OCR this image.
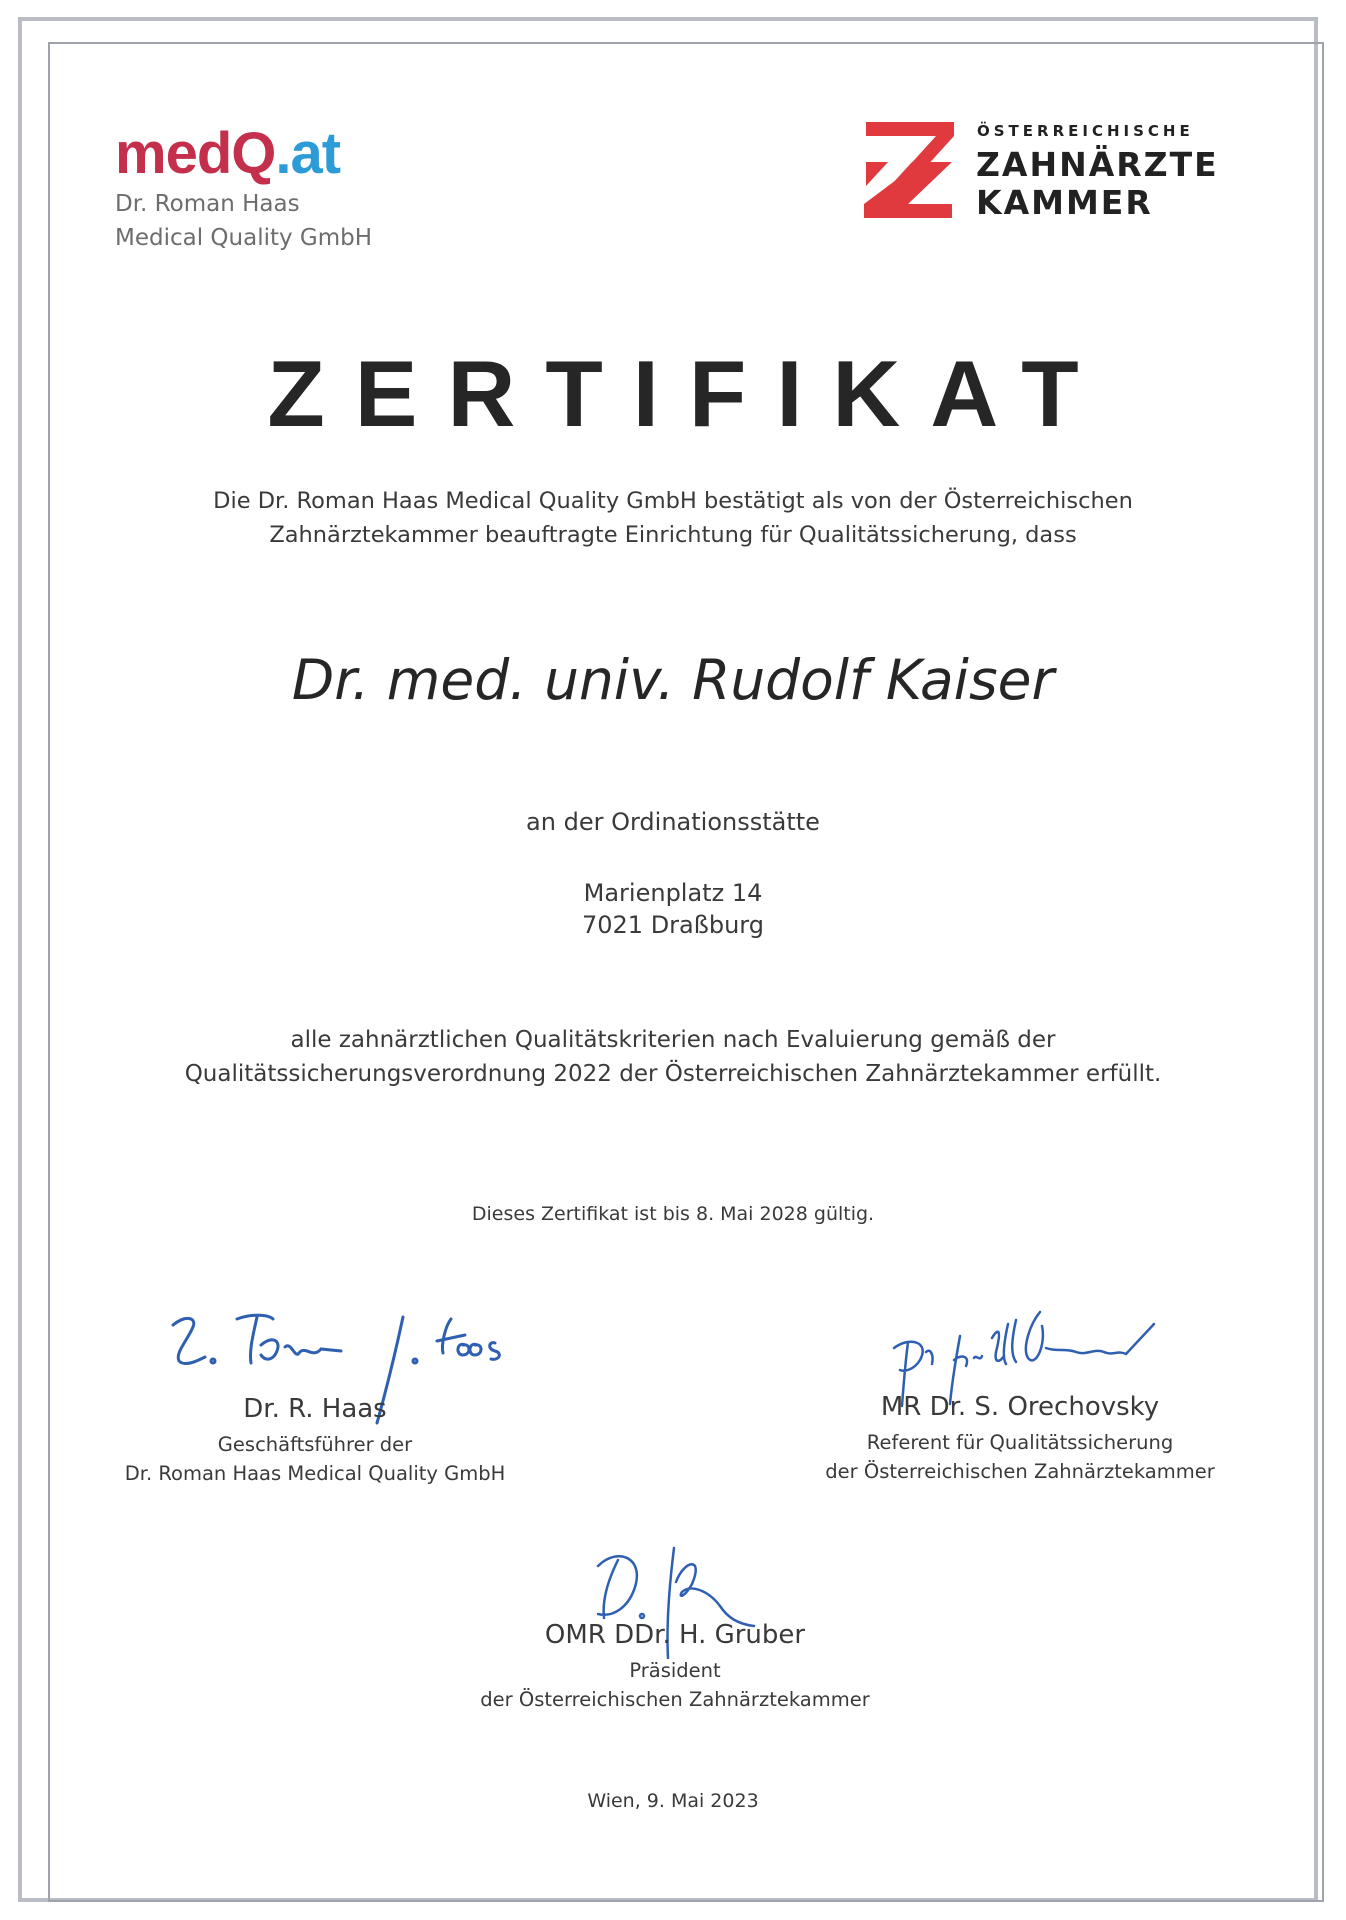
medQ.at
Dr. Roman Haas
Medical Quality GmbH
ÖSTERREICHISCHE
ZAHNÄRZTE
KAMMER
ZERTIFIKAT
Die Dr. Roman Haas Medical Quality GmbH bestätigt als von der Österreichischen
Zahnärztekammer beauftragte Einrichtung für Qualitätssicherung, dass
Dr. med. univ. Rudolf Kaiser
an der Ordinationsstätte
Marienplatz 14
7021 Draßburg
alle zahnärztlichen Qualitätskriterien nach Evaluierung gemäß der
Qualitätssicherungsverordnung 2022 der Österreichischen Zahnärztekammer erfüllt.
Dieses Zertifikat ist bis 8. Mai 2028 gültig.
Dr. R. Haas
Geschäftsführer der
Dr. Roman Haas Medical Quality GmbH
MR Dr. S. Orechovsky
Referent für Qualitätssicherung
der Österreichischen Zahnärztekammer
OMR DDr. H. Gruber
Präsident
der Österreichischen Zahnärztekammer
Wien, 9. Mai 2023
